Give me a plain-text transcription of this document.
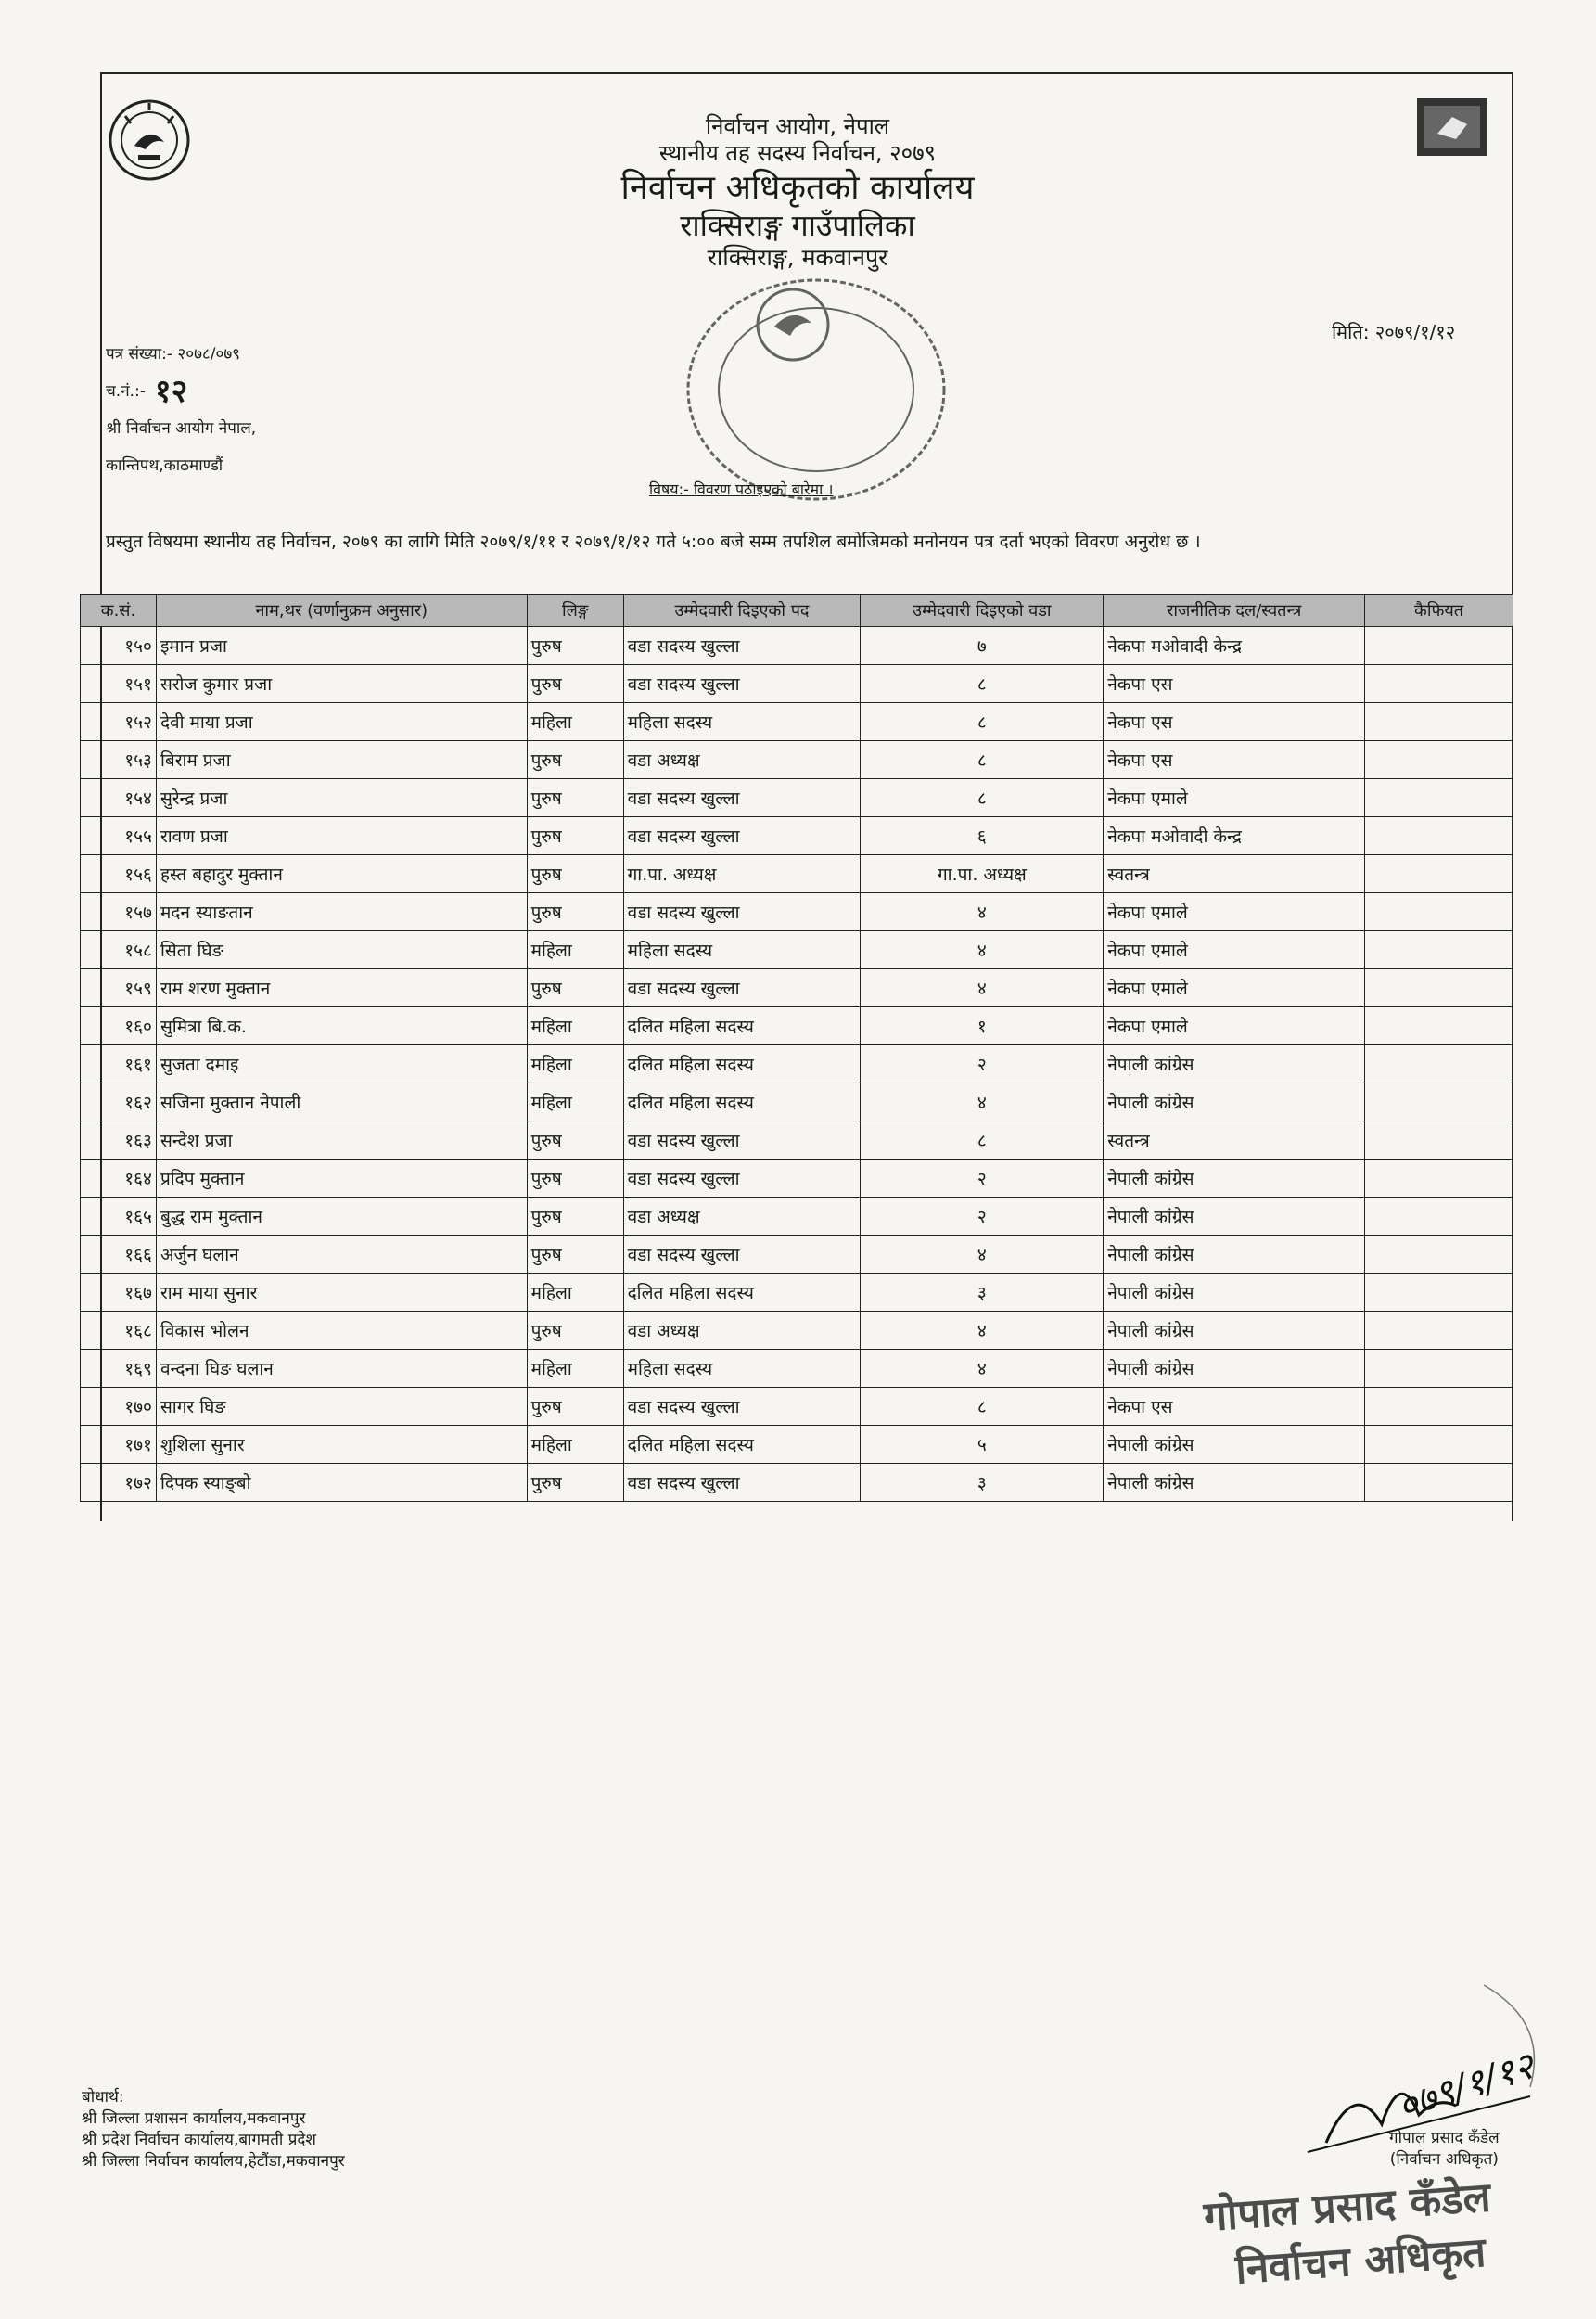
निर्वाचन आयोग, नेपाल
स्थानीय तह सदस्य निर्वाचन, २०७९
निर्वाचन अधिकृतको कार्यालय
राक्सिराङ्ग गाउँपालिका
राक्सिराङ्ग, मकवानपुर
मिति: २०७९/१/१२
पत्र संख्या:- २०७८/०७९
च.नं.:- १२
श्री निर्वाचन आयोग नेपाल,
कान्तिपथ,काठमाण्डौं
विषय:- विवरण पठाइएको बारेमा ।
प्रस्तुत विषयमा स्थानीय तह निर्वाचन, २०७९ का लागि मिति २०७९/१/११ र २०७९/१/१२ गते ५:०० बजे सम्म तपशिल बमोजिमको मनोनयन पत्र दर्ता भएको विवरण अनुरोध छ ।
क.सं.	नाम,थर (वर्णानुक्रम अनुसार)	लिङ्ग	उम्मेदवारी दिइएको पद	उम्मेदवारी दिइएको वडा	राजनीतिक दल/स्वतन्त्र	कैफियत
१५०	इमान प्रजा	पुरुष	वडा सदस्य खुल्ला	७	नेकपा मओवादी केन्द्र	
१५१	सरोज कुमार प्रजा	पुरुष	वडा सदस्य खुल्ला	८	नेकपा एस	
१५२	देवी माया प्रजा	महिला	महिला सदस्य	८	नेकपा एस	
१५३	बिराम प्रजा	पुरुष	वडा अध्यक्ष	८	नेकपा एस	
१५४	सुरेन्द्र प्रजा	पुरुष	वडा सदस्य खुल्ला	८	नेकपा एमाले	
१५५	रावण प्रजा	पुरुष	वडा सदस्य खुल्ला	६	नेकपा मओवादी केन्द्र	
१५६	हस्त बहादुर मुक्तान	पुरुष	गा.पा. अध्यक्ष	गा.पा. अध्यक्ष	स्वतन्त्र	
१५७	मदन स्याङतान	पुरुष	वडा सदस्य खुल्ला	४	नेकपा एमाले	
१५८	सिता घिङ	महिला	महिला सदस्य	४	नेकपा एमाले	
१५९	राम शरण मुक्तान	पुरुष	वडा सदस्य खुल्ला	४	नेकपा एमाले	
१६०	सुमित्रा बि.क.	महिला	दलित महिला सदस्य	१	नेकपा एमाले	
१६१	सुजता दमाइ	महिला	दलित महिला सदस्य	२	नेपाली कांग्रेस	
१६२	सजिना मुक्तान नेपाली	महिला	दलित महिला सदस्य	४	नेपाली कांग्रेस	
१६३	सन्देश प्रजा	पुरुष	वडा सदस्य खुल्ला	८	स्वतन्त्र	
१६४	प्रदिप मुक्तान	पुरुष	वडा सदस्य खुल्ला	२	नेपाली कांग्रेस	
१६५	बुद्ध राम मुक्तान	पुरुष	वडा अध्यक्ष	२	नेपाली कांग्रेस	
१६६	अर्जुन घलान	पुरुष	वडा सदस्य खुल्ला	४	नेपाली कांग्रेस	
१६७	राम माया सुनार	महिला	दलित महिला सदस्य	३	नेपाली कांग्रेस	
१६८	विकास भोलन	पुरुष	वडा अध्यक्ष	४	नेपाली कांग्रेस	
१६९	वन्दना घिङ घलान	महिला	महिला सदस्य	४	नेपाली कांग्रेस	
१७०	सागर घिङ	पुरुष	वडा सदस्य खुल्ला	८	नेकपा एस	
१७१	शुशिला सुनार	महिला	दलित महिला सदस्य	५	नेपाली कांग्रेस	
१७२	दिपक स्याङ्बो	पुरुष	वडा सदस्य खुल्ला	३	नेपाली कांग्रेस	
बोधार्थ:
श्री जिल्ला प्रशासन कार्यालय,मकवानपुर
श्री प्रदेश निर्वाचन कार्यालय,बागमती प्रदेश
श्री जिल्ला निर्वाचन कार्यालय,हेटौंडा,मकवानपुर
०७९/१/१२
गोपाल प्रसाद कँडेल
(निर्वाचन अधिकृत)
गोपाल प्रसाद कँडेल
निर्वाचन अधिकृत
